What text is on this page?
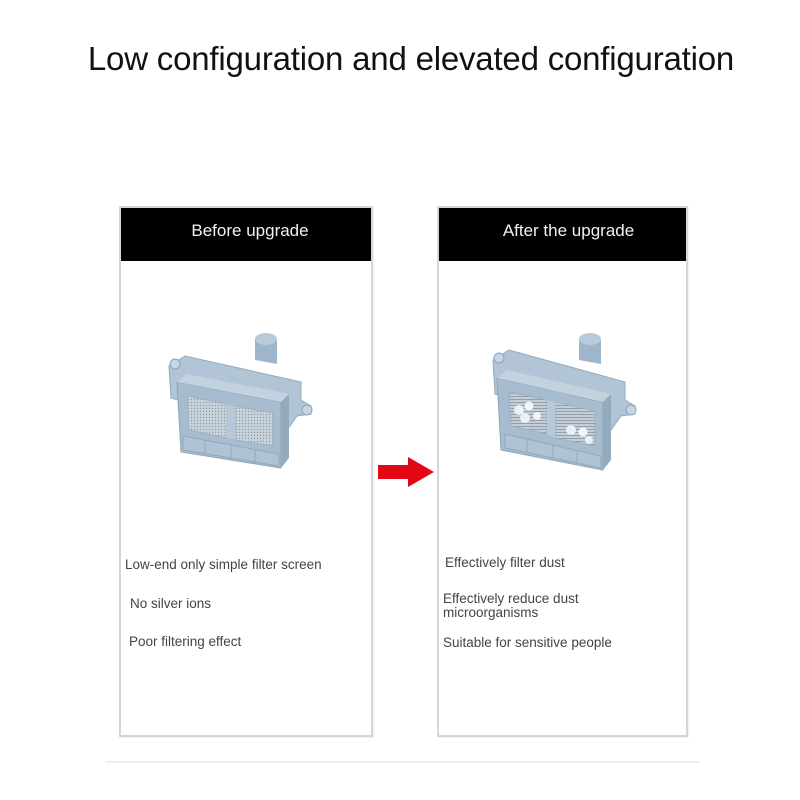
Low configuration and elevated configuration
Before upgrade
Low-end only simple filter screen
No silver ions
Poor filtering effect
After the upgrade
Effectively filter dust
Effectively reduce dust
microorganisms
Suitable for sensitive people
